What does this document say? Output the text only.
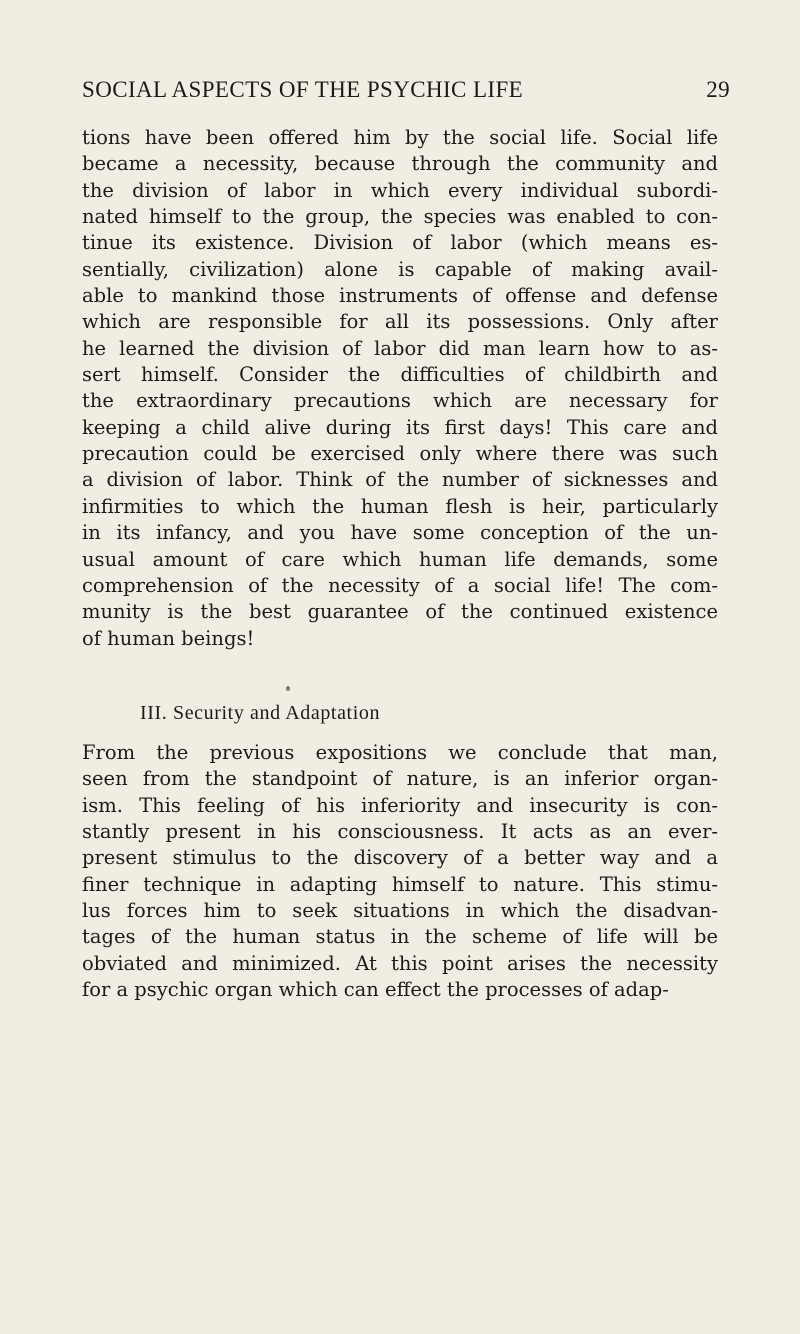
SOCIAL ASPECTS OF THE PSYCHIC LIFE	29
tions have been offered him by the social life. Social life
became a necessity, because through the community and
the division of labor in which every individual subordi-
nated himself to the group, the species was enabled to con-
tinue its existence. Division of labor (which means es-
sentially, civilization) alone is capable of making avail-
able to mankind those instruments of offense and defense
which are responsible for all its possessions. Only after
he learned the division of labor did man learn how to as-
sert himself. Consider the difficulties of childbirth and
the extraordinary precautions which are necessary for
keeping a child alive during its first days! This care and
precaution could be exercised only where there was such
a division of labor. Think of the number of sicknesses and
infirmities to which the human flesh is heir, particularly
in its infancy, and you have some conception of the un-
usual amount of care which human life demands, some
comprehension of the necessity of a social life! The com-
munity is the best guarantee of the continued existence
of human beings!
III. Security and Adaptation
From the previous expositions we conclude that man,
seen from the standpoint of nature, is an inferior organ-
ism. This feeling of his inferiority and insecurity is con-
stantly present in his consciousness. It acts as an ever-
present stimulus to the discovery of a better way and a
finer technique in adapting himself to nature. This stimu-
lus forces him to seek situations in which the disadvan-
tages of the human status in the scheme of life will be
obviated and minimized. At this point arises the necessity
for a psychic organ which can effect the processes of adap-
